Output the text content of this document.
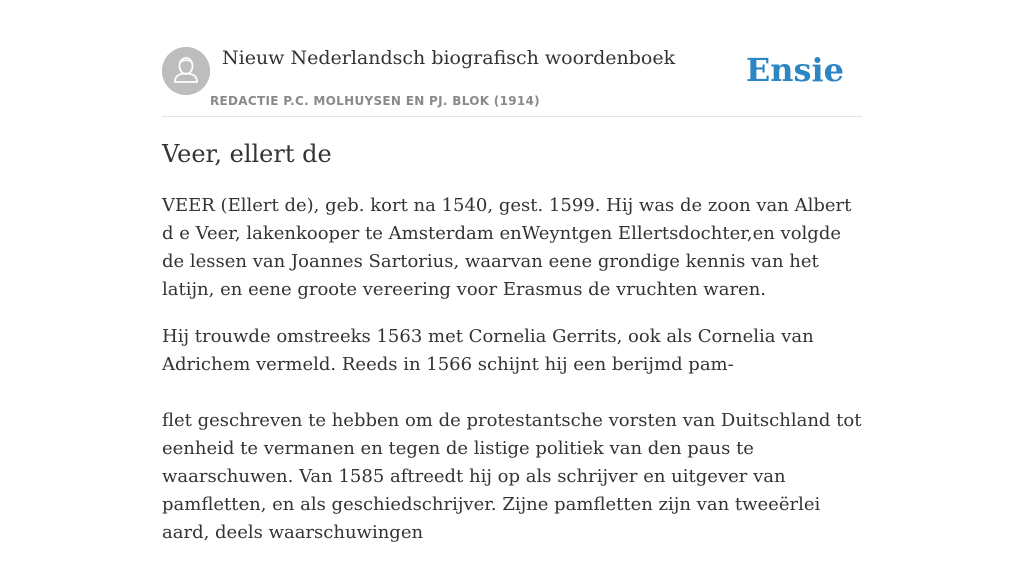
Nieuw Nederlandsch biografisch woordenboek
REDACTIE P.C. MOLHUYSEN EN PJ. BLOK (1914)
Ensie
Veer, ellert de

VEER (Ellert de), geb. kort na 1540, gest. 1599. Hij was de zoon van Albert d e Veer, lakenkooper te Amsterdam enWeyntgen Ellertsdochter,en volgde de lessen van Joannes Sartorius, waarvan eene grondige kennis van het latijn, en eene groote vereering voor Erasmus de vruchten waren.

Hij trouwde omstreeks 1563 met Cornelia Gerrits, ook als Cornelia van Adrichem vermeld. Reeds in 1566 schijnt hij een berijmd pam-

flet geschreven te hebben om de protestantsche vorsten van Duitschland tot eenheid te vermanen en tegen de listige politiek van den paus te waarschuwen. Van 1585 aftreedt hij op als schrijver en uitgever van pamfletten, en als geschiedschrijver. Zijne pamfletten zijn van tweeërlei aard, deels waarschuwingen
